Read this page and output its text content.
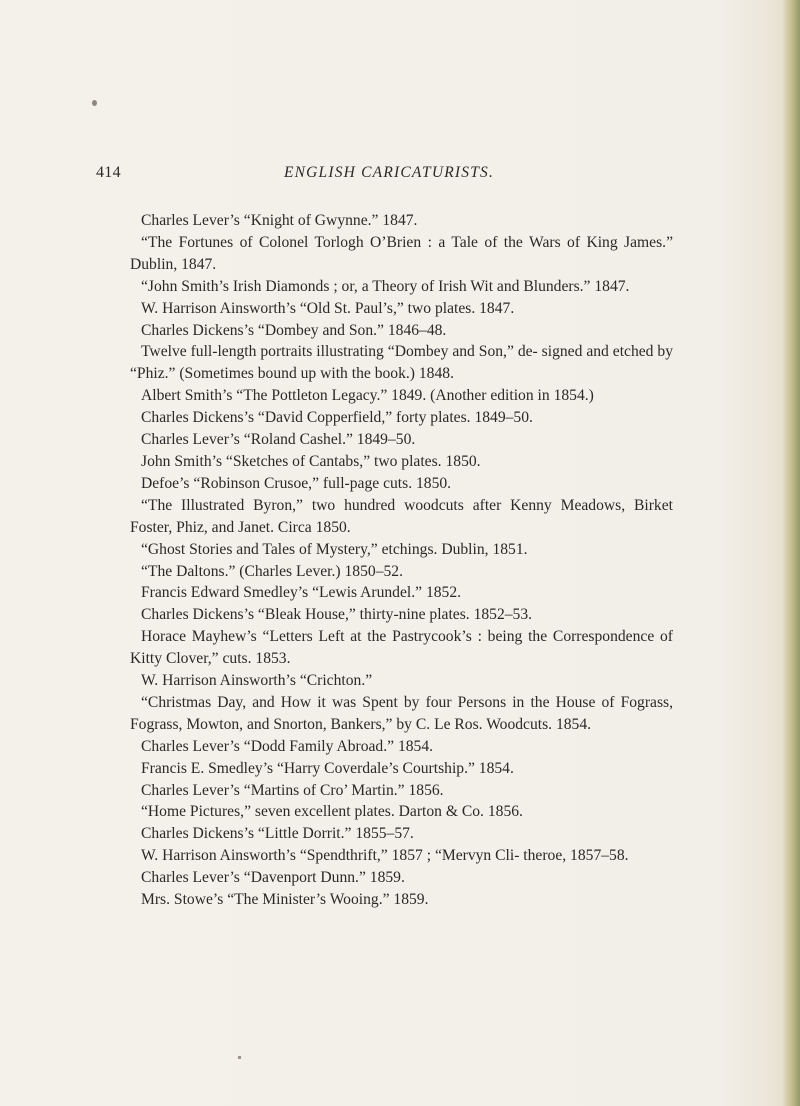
414	ENGLISH CARICATURISTS.

Charles Lever’s “Knight of Gwynne.” 1847.

“The Fortunes of Colonel Torlogh O’Brien : a Tale of the Wars of King James.” Dublin, 1847.

“John Smith’s Irish Diamonds ; or, a Theory of Irish Wit and Blunders.” 1847.

W. Harrison Ainsworth’s “Old St. Paul’s,” two plates. 1847.

Charles Dickens’s “Dombey and Son.” 1846–48.

Twelve full-length portraits illustrating “Dombey and Son,” de- signed and etched by “Phiz.” (Sometimes bound up with the book.) 1848.

Albert Smith’s “The Pottleton Legacy.” 1849. (Another edition in 1854.)

Charles Dickens’s “David Copperfield,” forty plates. 1849–50.

Charles Lever’s “Roland Cashel.” 1849–50.

John Smith’s “Sketches of Cantabs,” two plates. 1850.

Defoe’s “Robinson Crusoe,” full-page cuts. 1850.

“The Illustrated Byron,” two hundred woodcuts after Kenny Meadows, Birket Foster, Phiz, and Janet. Circa 1850.

“Ghost Stories and Tales of Mystery,” etchings. Dublin, 1851.

“The Daltons.” (Charles Lever.) 1850–52.

Francis Edward Smedley’s “Lewis Arundel.” 1852.

Charles Dickens’s “Bleak House,” thirty-nine plates. 1852–53.

Horace Mayhew’s “Letters Left at the Pastrycook’s : being the Correspondence of Kitty Clover,” cuts. 1853.

W. Harrison Ainsworth’s “Crichton.”

“Christmas Day, and How it was Spent by four Persons in the House of Fograss, Fograss, Mowton, and Snorton, Bankers,” by C. Le Ros. Woodcuts. 1854.

Charles Lever’s “Dodd Family Abroad.” 1854.

Francis E. Smedley’s “Harry Coverdale’s Courtship.” 1854.

Charles Lever’s “Martins of Cro’ Martin.” 1856.

“Home Pictures,” seven excellent plates. Darton & Co. 1856.

Charles Dickens’s “Little Dorrit.” 1855–57.

W. Harrison Ainsworth’s “Spendthrift,” 1857 ; “Mervyn Cli- theroe, 1857–58.

Charles Lever’s “Davenport Dunn.” 1859.

Mrs. Stowe’s “The Minister’s Wooing.” 1859.
